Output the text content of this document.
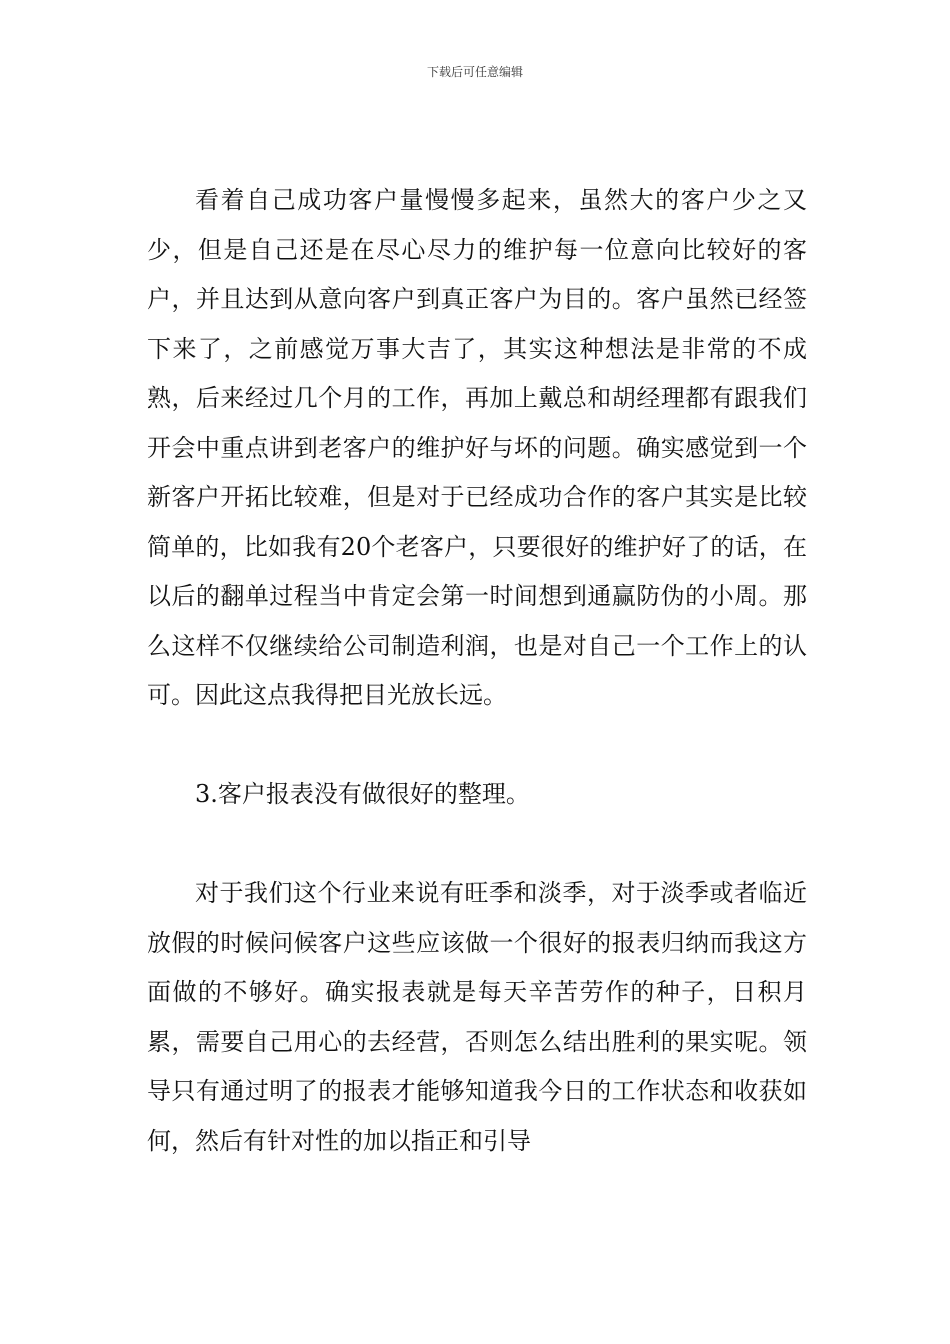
下载后可任意编辑

看着自己成功客户量慢慢多起来，虽然大的客户少之又少，但是自己还是在尽心尽力的维护每一位意向比较好的客户，并且达到从意向客户到真正客户为目的。客户虽然已经签下来了，之前感觉万事大吉了，其实这种想法是非常的不成熟，后来经过几个月的工作，再加上戴总和胡经理都有跟我们开会中重点讲到老客户的维护好与坏的问题。确实感觉到一个新客户开拓比较难，但是对于已经成功合作的客户其实是比较简单的，比如我有20个老客户，只要很好的维护好了的话，在以后的翻单过程当中肯定会第一时间想到通赢防伪的小周。那么这样不仅继续给公司制造利润，也是对自己一个工作上的认可。因此这点我得把目光放长远。

3.客户报表没有做很好的整理。

对于我们这个行业来说有旺季和淡季，对于淡季或者临近放假的时候问候客户这些应该做一个很好的报表归纳而我这方面做的不够好。确实报表就是每天辛苦劳作的种子，日积月累，需要自己用心的去经营，否则怎么结出胜利的果实呢。领导只有通过明了的报表才能够知道我今日的工作状态和收获如何，然后有针对性的加以指正和引导
